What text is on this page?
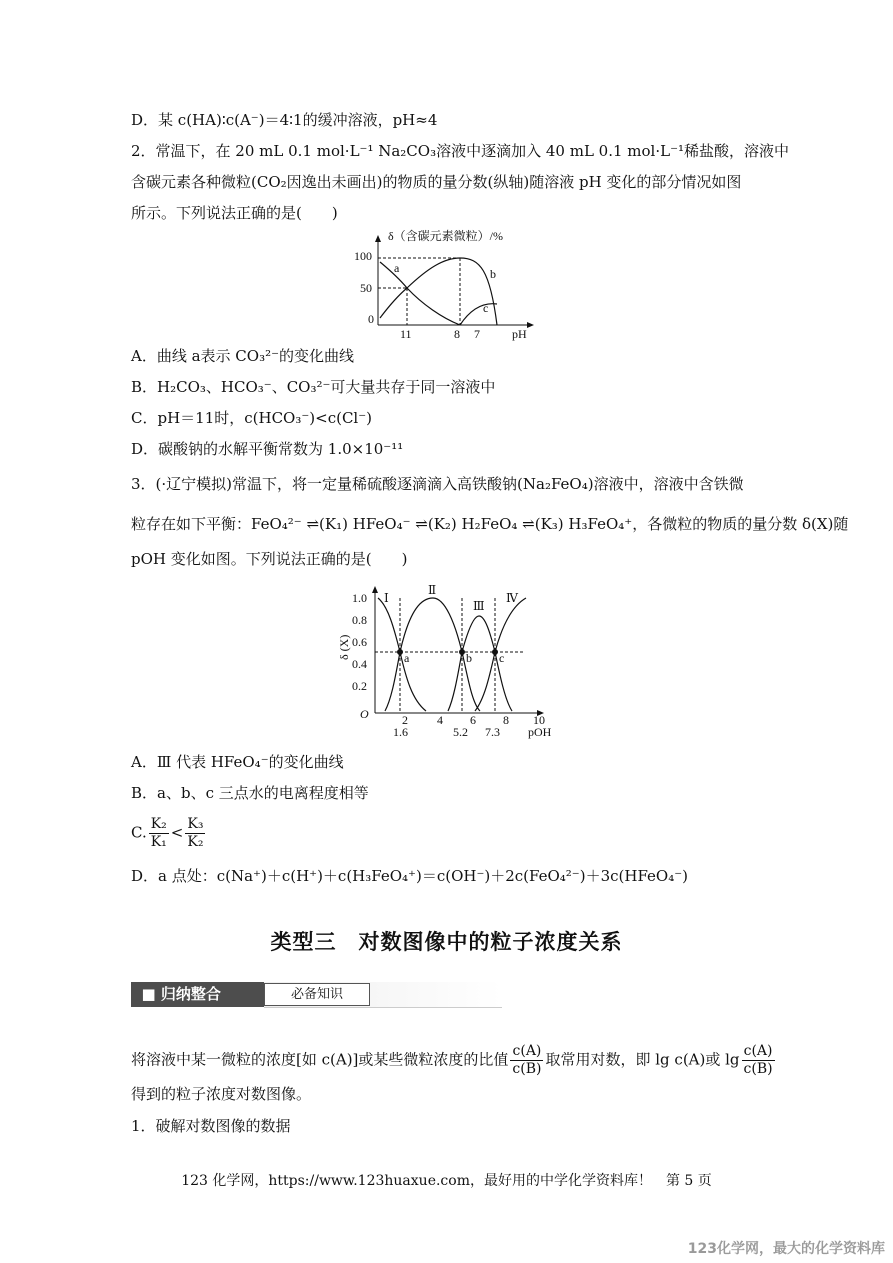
D．某 c(HA)∶c(A⁻)＝4∶1的缓冲溶液，pH≈4
2．常温下，在 20 mL 0.1 mol·L⁻¹ Na₂CO₃溶液中逐滴加入 40 mL 0.1 mol·L⁻¹稀盐酸，溶液中
含碳元素各种微粒(CO₂因逸出未画出)的物质的量分数(纵轴)随溶液 pH 变化的部分情况如图
所示。下列说法正确的是(　　)
δ（含碳元素微粒）/%
pH
100
50
0
11	8 7
a	b
c
A．曲线 a表示 CO₃²⁻的变化曲线
B．H₂CO₃、HCO₃⁻、CO₃²⁻可大量共存于同一溶液中
C．pH＝11时，c(HCO₃⁻)<c(Cl⁻)
D．碳酸钠的水解平衡常数为 1.0×10⁻¹¹
3．(·辽宁模拟)常温下，将一定量稀硫酸逐滴滴入高铁酸钠(Na₂FeO₄)溶液中，溶液中含铁微
粒存在如下平衡：FeO₄²⁻ ⇌(K₁) HFeO₄⁻ ⇌(K₂) H₂FeO₄ ⇌(K₃) H₃FeO₄⁺，各微粒的物质的量分数 δ(X)随
pOH 变化如图。下列说法正确的是(　　)
1.0
0.8
0.6
0.4
0.2
O
δ (X)
pOH
2 4 6 8 10
1.6	5.2 7.3
a	b c
Ⅰ
Ⅱ
Ⅲ
Ⅳ
A．Ⅲ 代表 HFeO₄⁻的变化曲线
B．a、b、c 三点水的电离程度相等
C. $\frac{\text{K₂}}{\text{K₁}} < \frac{\text{K₃}}{\text{K₂}}$
D．a 点处：c(Na⁺)＋c(H⁺)＋c(H₃FeO₄⁺)＝c(OH⁻)＋2c(FeO₄²⁻)＋3c(HFeO₄⁻)
类型三　对数图像中的粒子浓度关系
■ 归纳整合	必备知识
将溶液中某一微粒的浓度[如 c(A)]或某些微粒浓度的比值 $\frac{c(A)}{c(B)}$ 取常用对数，即 lg c(A)或 $\lg \frac{c(A)}{c(B)}$
得到的粒子浓度对数图像。
1．破解对数图像的数据
123 化学网，https://www.123huaxue.com，最好用的中学化学资料库！　第 5 页
123化学网，最大的化学资料库
